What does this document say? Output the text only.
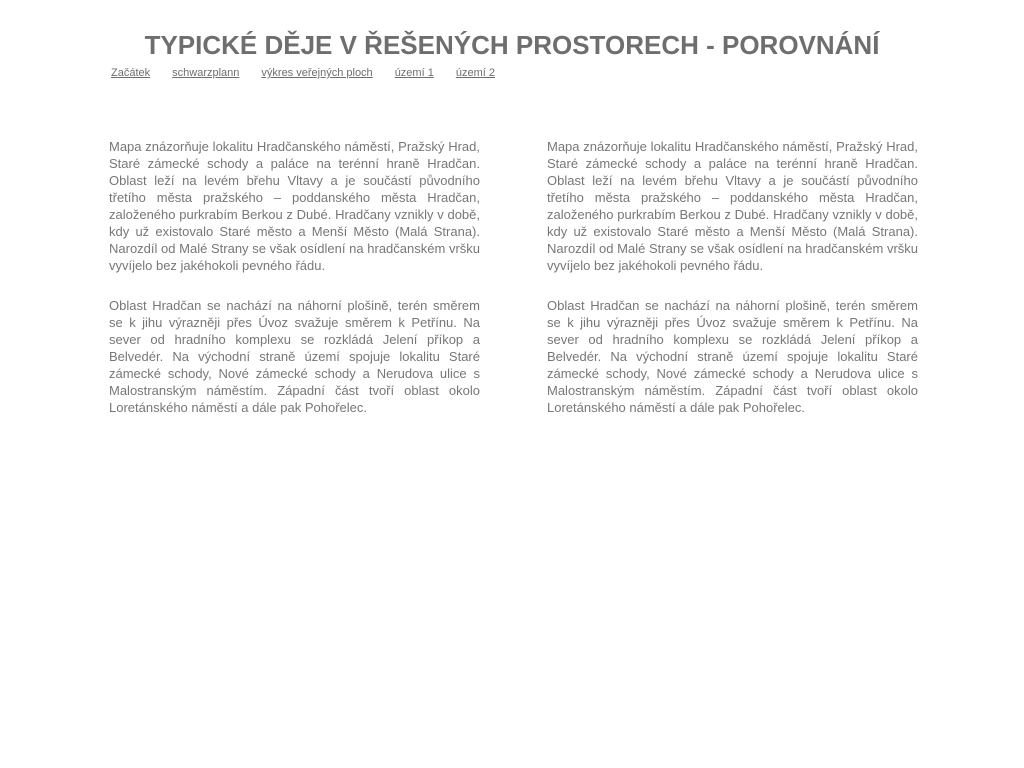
TYPICKÉ DĚJE V ŘEŠENÝCH PROSTORECH - POROVNÁNÍ
Začátek schwarzplann výkres veřejných ploch území 1 území 2

Mapa znázorňuje lokalitu Hradčanského náměstí, Pražský Hrad, Staré zámecké schody a paláce na terénní hraně Hradčan. Oblast leží na levém břehu Vltavy a je součástí původního třetího města pražského – poddanského města Hradčan, založeného purkrabím Berkou z Dubé. Hradčany vznikly v době, kdy už existovalo Staré město a Menší Město (Malá Strana). Narozdíl od Malé Strany se však osídlení na hradčanském vršku vyvíjelo bez jakéhokoli pevného řádu.

Oblast Hradčan se nachází na náhorní plošině, terén směrem se k jihu výrazněji přes Úvoz svažuje směrem k Petřínu. Na sever od hradního komplexu se rozkládá Jelení příkop a Belvedér. Na východní straně území spojuje lokalitu Staré zámecké schody, Nové zámecké schody a Nerudova ulice s Malostranským náměstím. Západní část tvoří oblast okolo Loretánského náměstí a dále pak Pohořelec.

Mapa znázorňuje lokalitu Hradčanského náměstí, Pražský Hrad, Staré zámecké schody a paláce na terénní hraně Hradčan. Oblast leží na levém břehu Vltavy a je součástí původního třetího města pražského – poddanského města Hradčan, založeného purkrabím Berkou z Dubé. Hradčany vznikly v době, kdy už existovalo Staré město a Menší Město (Malá Strana). Narozdíl od Malé Strany se však osídlení na hradčanském vršku vyvíjelo bez jakéhokoli pevného řádu.

Oblast Hradčan se nachází na náhorní plošině, terén směrem se k jihu výrazněji přes Úvoz svažuje směrem k Petřínu. Na sever od hradního komplexu se rozkládá Jelení příkop a Belvedér. Na východní straně území spojuje lokalitu Staré zámecké schody, Nové zámecké schody a Nerudova ulice s Malostranským náměstím. Západní část tvoří oblast okolo Loretánského náměstí a dále pak Pohořelec.
